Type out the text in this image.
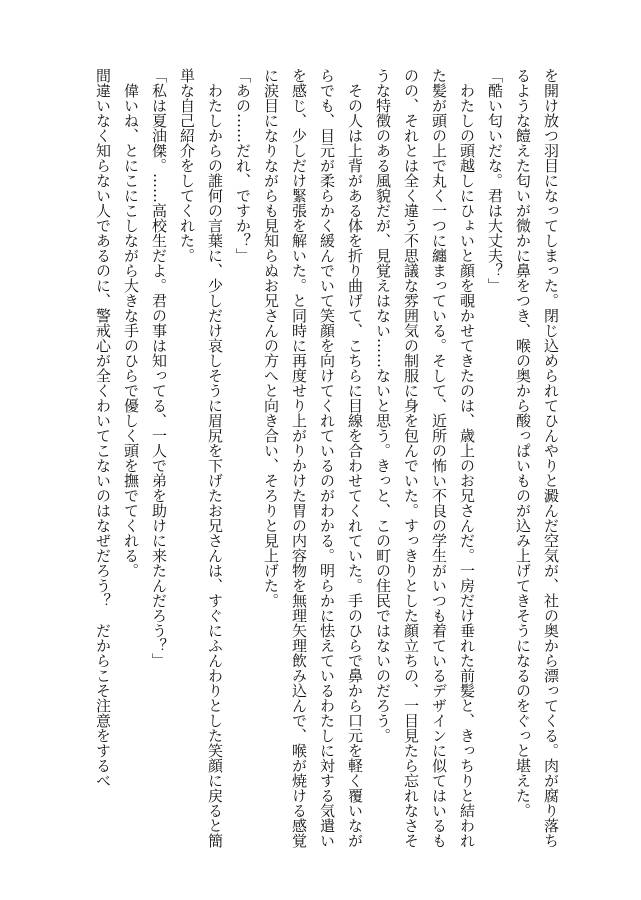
を開け放つ羽目になってしまった。閉じ込められてひんやりと澱んだ空気が、社の奥から漂ってくる。肉が腐り落ちるような饐えた匂いが微かに鼻をつき、喉の奥から酸っぱいものが込み上げてきそうになるのをぐっと堪えた。

「酷い匂いだな。君は大丈夫？」

わたしの頭越しにひょいと顔を覗かせてきたのは、歳上のお兄さんだ。一房だけ垂れた前髪と、きっちりと結われた髪が頭の上で丸く一つに纏まっている。そして、近所の怖い不良の学生がいつも着ているデザインに似てはいるものの、それとは全く違う不思議な雰囲気の制服に身を包んでいた。すっきりとした顔立ちの、一目見たら忘れなさそうな特徴のある風貌だが、見覚えはない……ないと思う。きっと、この町の住民ではないのだろう。

その人は上背がある体を折り曲げて、こちらに目線を合わせてくれていた。手のひらで鼻から口元を軽く覆いながらでも、目元が柔らかく緩んでいて笑顔を向けてくれているのがわかる。明らかに怯えているわたしに対する気遣いを感じ、少しだけ緊張を解いた。と同時に再度せり上がりかけた胃の内容物を無理矢理飲み込んで、喉が焼ける感覚に涙目になりながらも見知らぬお兄さんの方へと向き合い、そろりと見上げた。

「あの……だれ、ですか？」

わたしからの誰何の言葉に、少しだけ哀しそうに眉尻を下げたお兄さんは、すぐにふんわりとした笑顔に戻ると簡単な自己紹介をしてくれた。

「私は夏油傑。……高校生だよ。君の事は知ってる、一人で弟を助けに来たんだろう？」

偉いね、とにこにこしながら大きな手のひらで優しく頭を撫でてくれる。

間違いなく知らない人であるのに、警戒心が全くわいてこないのはなぜだろう？　だからこそ注意をするべ
